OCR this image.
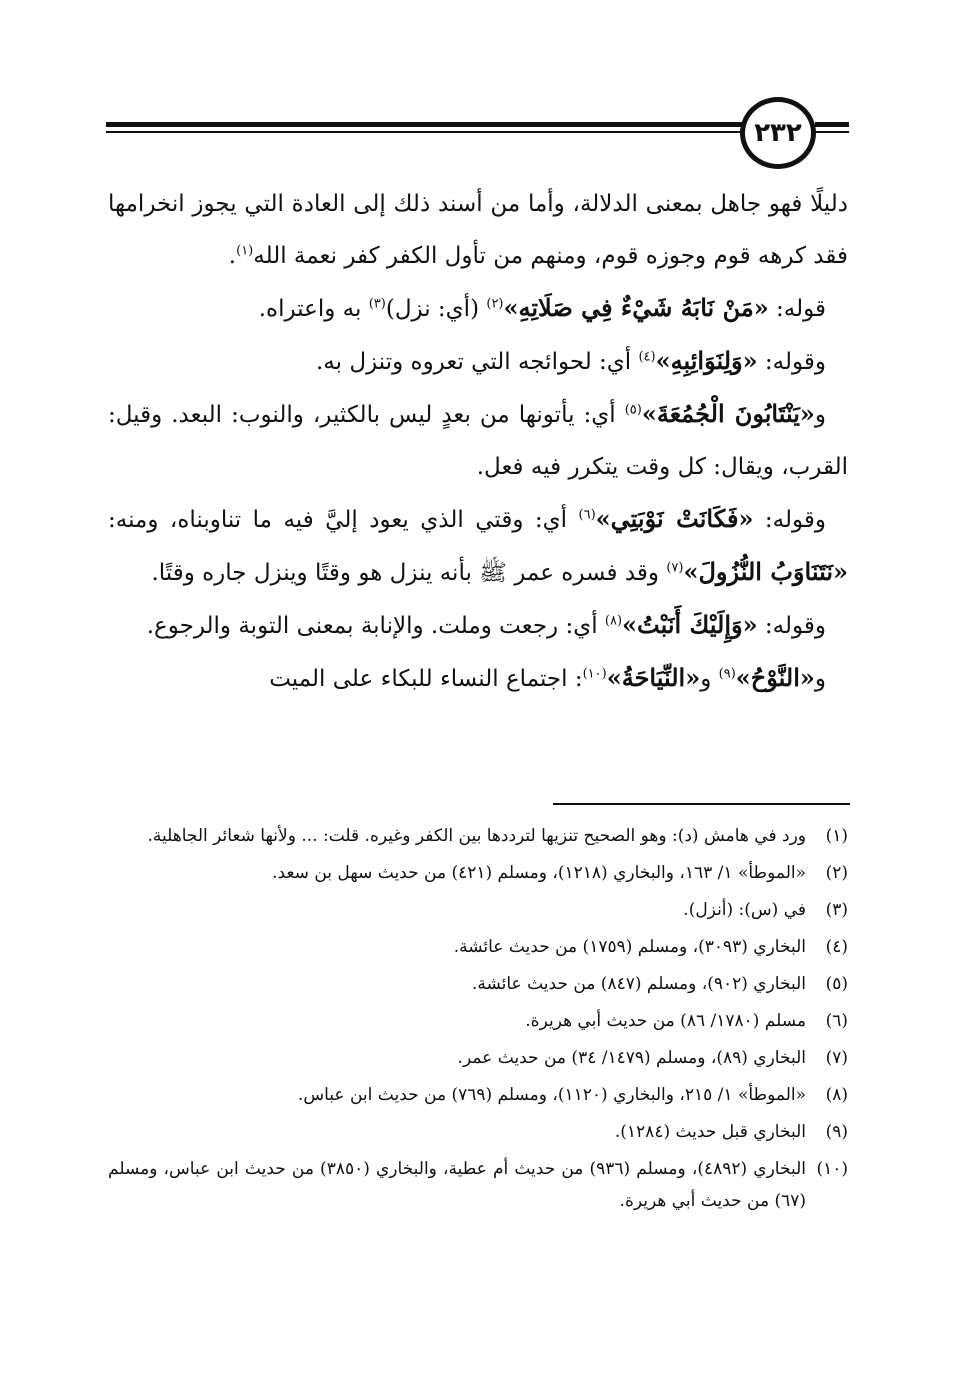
٢٣٢

دليلًا فهو جاهل بمعنى الدلالة، وأما من أسند ذلك إلى العادة التي يجوز انخرامها فقد كرهه قوم وجوزه قوم، ومنهم من تأول الكفر كفر نعمة الله$^{(١)}$.

قوله: «مَنْ نَابَهُ شَيْءٌ فِي صَلَاتِهِ»$^{(٢)}$ (أي: نزل)$^{(٣)}$ به واعتراه.

وقوله: «وَلِنَوَائِبِهِ»$^{(٤)}$ أي: لحوائجه التي تعروه وتنزل به.

و«يَنْتَابُونَ الْجُمُعَةَ»$^{(٥)}$ أي: يأتونها من بعدٍ ليس بالكثير، والنوب: البعد. وقيل: القرب، ويقال: كل وقت يتكرر فيه فعل.

وقوله: «فَكَانَتْ نَوْبَتِي»$^{(٦)}$ أي: وقتي الذي يعود إليَّ فيه ما تناوبناه، ومنه: «نَتَنَاوَبُ النُّزُولَ»$^{(٧)}$ وقد فسره عمر ﷺ بأنه ينزل هو وقتًا وينزل جاره وقتًا.

وقوله: «وَإِلَيْكَ أَنَبْتُ»$^{(٨)}$ أي: رجعت وملت. والإنابة بمعنى التوبة والرجوع.

و«النَّوْحُ»$^{(٩)}$ و«النِّيَاحَةُ»$^{(١٠)}$: اجتماع النساء للبكاء على الميت

(١)
ورد في هامش (د): وهو الصحيح تنزيها لترددها بين الكفر وغيره. قلت: ... ولأنها شعائر الجاهلية.
(٢)
«الموطأ» ١/ ١٦٣، والبخاري (١٢١٨)، ومسلم (٤٢١) من حديث سهل بن سعد.
(٣)
في (س): (أنزل).
(٤)
البخاري (٣٠٩٣)، ومسلم (١٧٥٩) من حديث عائشة.
(٥)
البخاري (٩٠٢)، ومسلم (٨٤٧) من حديث عائشة.
(٦)
مسلم (١٧٨٠/ ٨٦) من حديث أبي هريرة.
(٧)
البخاري (٨٩)، ومسلم (١٤٧٩/ ٣٤) من حديث عمر.
(٨)
«الموطأ» ١/ ٢١٥، والبخاري (١١٢٠)، ومسلم (٧٦٩) من حديث ابن عباس.
(٩)
البخاري قبل حديث (١٢٨٤).
(١٠)
البخاري (٤٨٩٢)، ومسلم (٩٣٦) من حديث أم عطية، والبخاري (٣٨٥٠) من حديث ابن عباس، ومسلم (٦٧) من حديث أبي هريرة.
